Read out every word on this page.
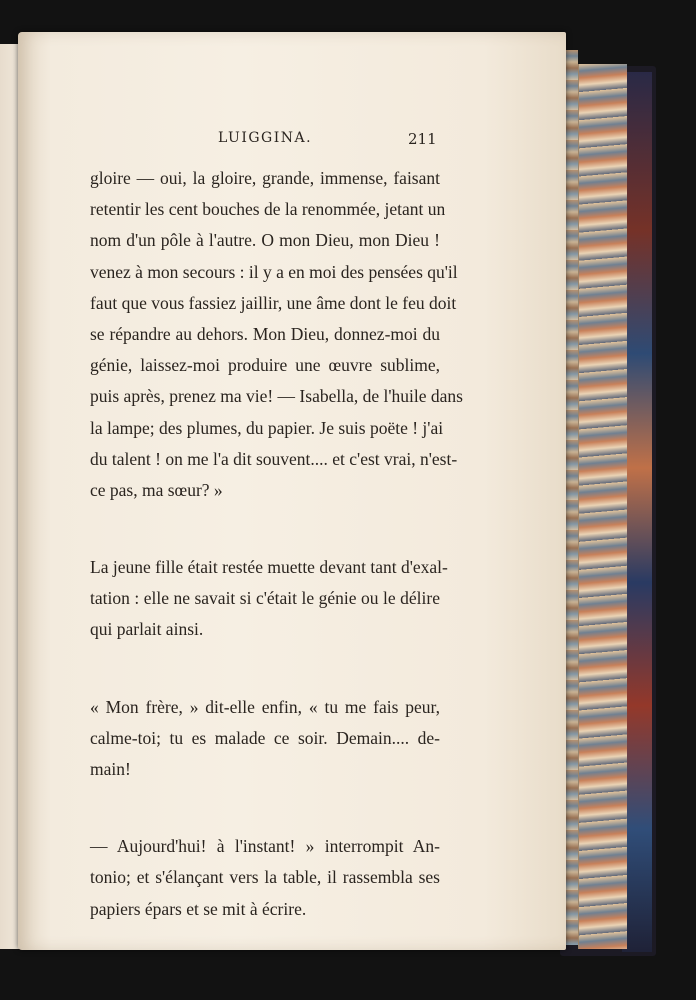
LUIGGINA.	211
gloire — oui, la gloire, grande, immense, faisant
retentir les cent bouches de la renommée, jetant un
nom d'un pôle à l'autre. O mon Dieu, mon Dieu !
venez à mon secours : il y a en moi des pensées qu'il
faut que vous fassiez jaillir, une âme dont le feu doit
se répandre au dehors. Mon Dieu, donnez-moi du
génie, laissez-moi produire une œuvre sublime,
puis après, prenez ma vie! — Isabella, de l'huile dans
la lampe; des plumes, du papier. Je suis poëte ! j'ai
du talent ! on me l'a dit souvent.... et c'est vrai, n'est-
ce pas, ma sœur? »
La jeune fille était restée muette devant tant d'exal-
tation : elle ne savait si c'était le génie ou le délire
qui parlait ainsi.
« Mon frère, » dit-elle enfin, « tu me fais peur,
calme-toi; tu es malade ce soir. Demain.... de-
main!
— Aujourd'hui! à l'instant! » interrompit An-
tonio; et s'élançant vers la table, il rassembla ses
papiers épars et se mit à écrire.
